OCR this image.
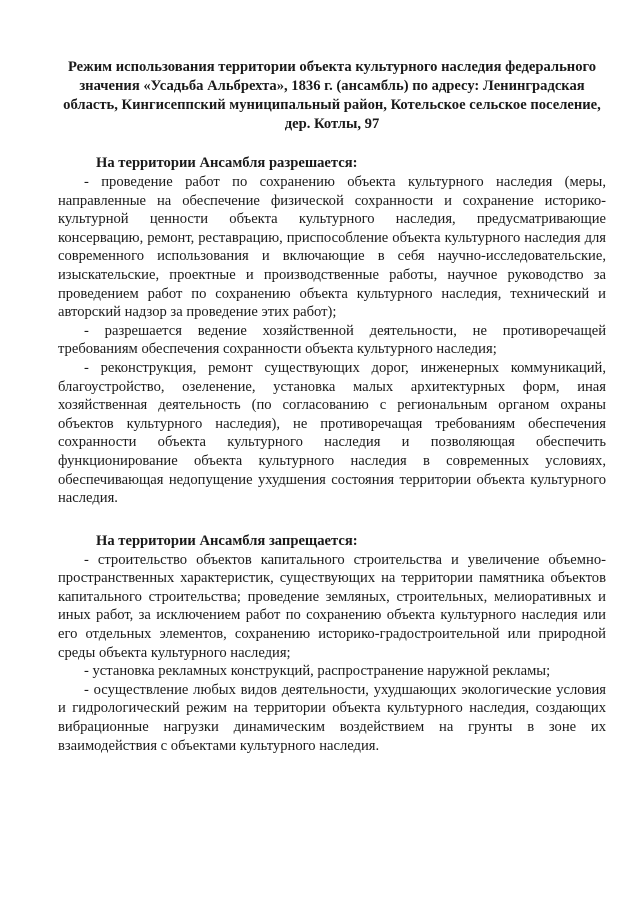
Режим использования территории объекта культурного наследия федерального значения «Усадьба Альбрехта», 1836 г. (ансамбль) по адресу: Ленинградская область, Кингисеппский муниципальный район, Котельское сельское поселение, дер. Котлы, 97

На территории Ансамбля разрешается:

- проведение работ по сохранению объекта культурного наследия (меры, направленные на обеспечение физической сохранности и сохранение историко-культурной ценности объекта культурного наследия, предусматривающие консервацию, ремонт, реставрацию, приспособление объекта культурного наследия для современного использования и включающие в себя научно-исследовательские, изыскательские, проектные и производственные работы, научное руководство за проведением работ по сохранению объекта культурного наследия, технический и авторский надзор за проведение этих работ);

- разрешается ведение хозяйственной деятельности, не противоречащей требованиям обеспечения сохранности объекта культурного наследия;

- реконструкция, ремонт существующих дорог, инженерных коммуникаций, благоустройство, озеленение, установка малых архитектурных форм, иная хозяйственная деятельность (по согласованию с региональным органом охраны объектов культурного наследия), не противоречащая требованиям обеспечения сохранности объекта культурного наследия и позволяющая обеспечить функционирование объекта культурного наследия в современных условиях, обеспечивающая недопущение ухудшения состояния территории объекта культурного наследия.

На территории Ансамбля запрещается:

- строительство объектов капитального строительства и увеличение объемно-пространственных характеристик, существующих на территории памятника объектов капитального строительства; проведение земляных, строительных, мелиоративных и иных работ, за исключением работ по сохранению объекта культурного наследия или его отдельных элементов, сохранению историко-градостроительной или природной среды объекта культурного наследия;

- установка рекламных конструкций, распространение наружной рекламы;

- осуществление любых видов деятельности, ухудшающих экологические условия и гидрологический режим на территории объекта культурного наследия, создающих вибрационные нагрузки динамическим воздействием на грунты в зоне их взаимодействия с объектами культурного наследия.
